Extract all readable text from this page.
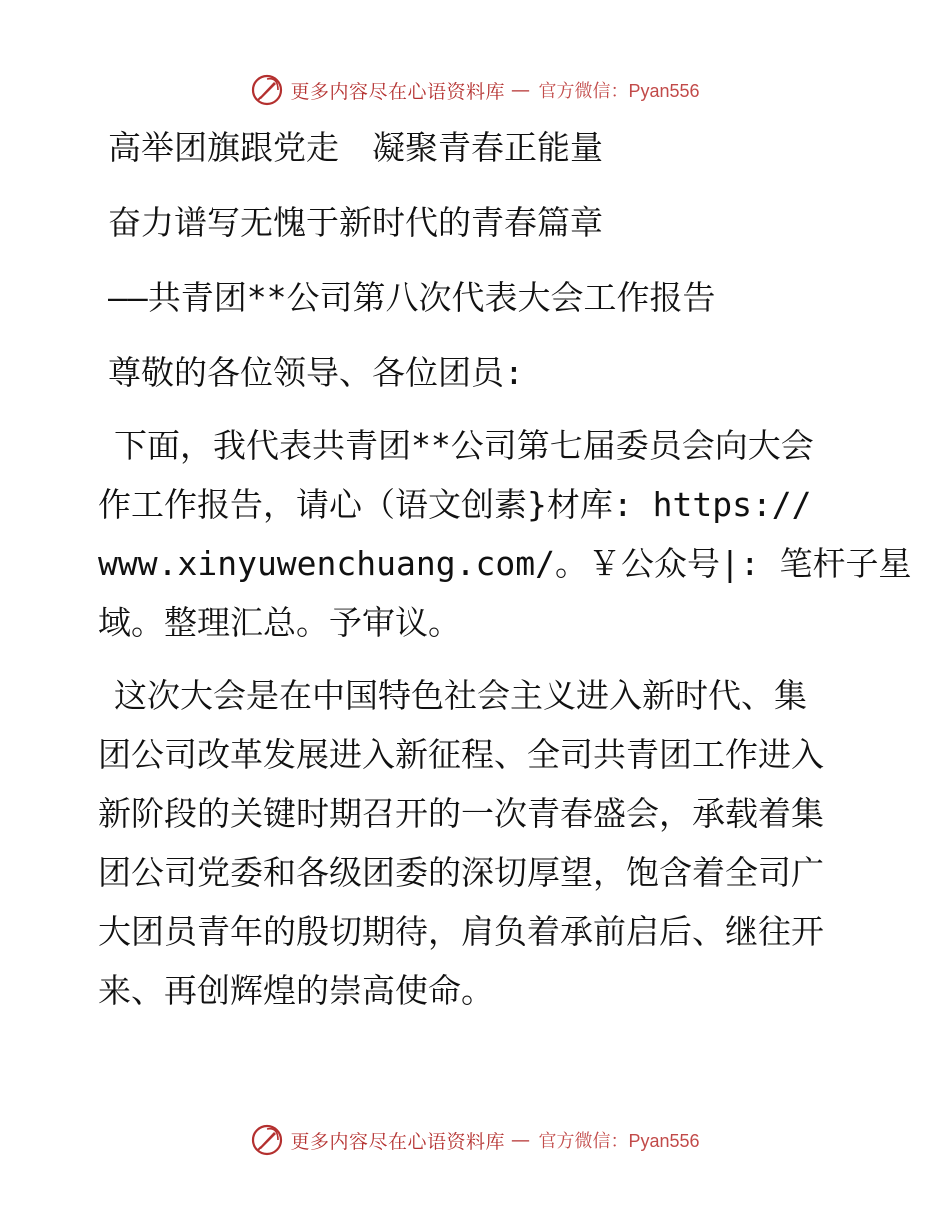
更多内容尽在心语资料库 — 官方微信：Pyan556

高举团旗跟党走　凝聚青春正能量

奋力谱写无愧于新时代的青春篇章

——共青团**公司第八次代表大会工作报告

尊敬的各位领导、各位团员:

下面，我代表共青团**公司第七届委员会向大会
作工作报告，请心（语文创素}材库: https://
www.xinyuwenchuang.com/。￥公众号|: 笔杆子星
域。整理汇总。予审议。
这次大会是在中国特色社会主义进入新时代、集
团公司改革发展进入新征程、全司共青团工作进入
新阶段的关键时期召开的一次青春盛会，承载着集
团公司党委和各级团委的深切厚望，饱含着全司广
大团员青年的殷切期待，肩负着承前启后、继往开
来、再创辉煌的崇高使命。
更多内容尽在心语资料库 — 官方微信：Pyan556
